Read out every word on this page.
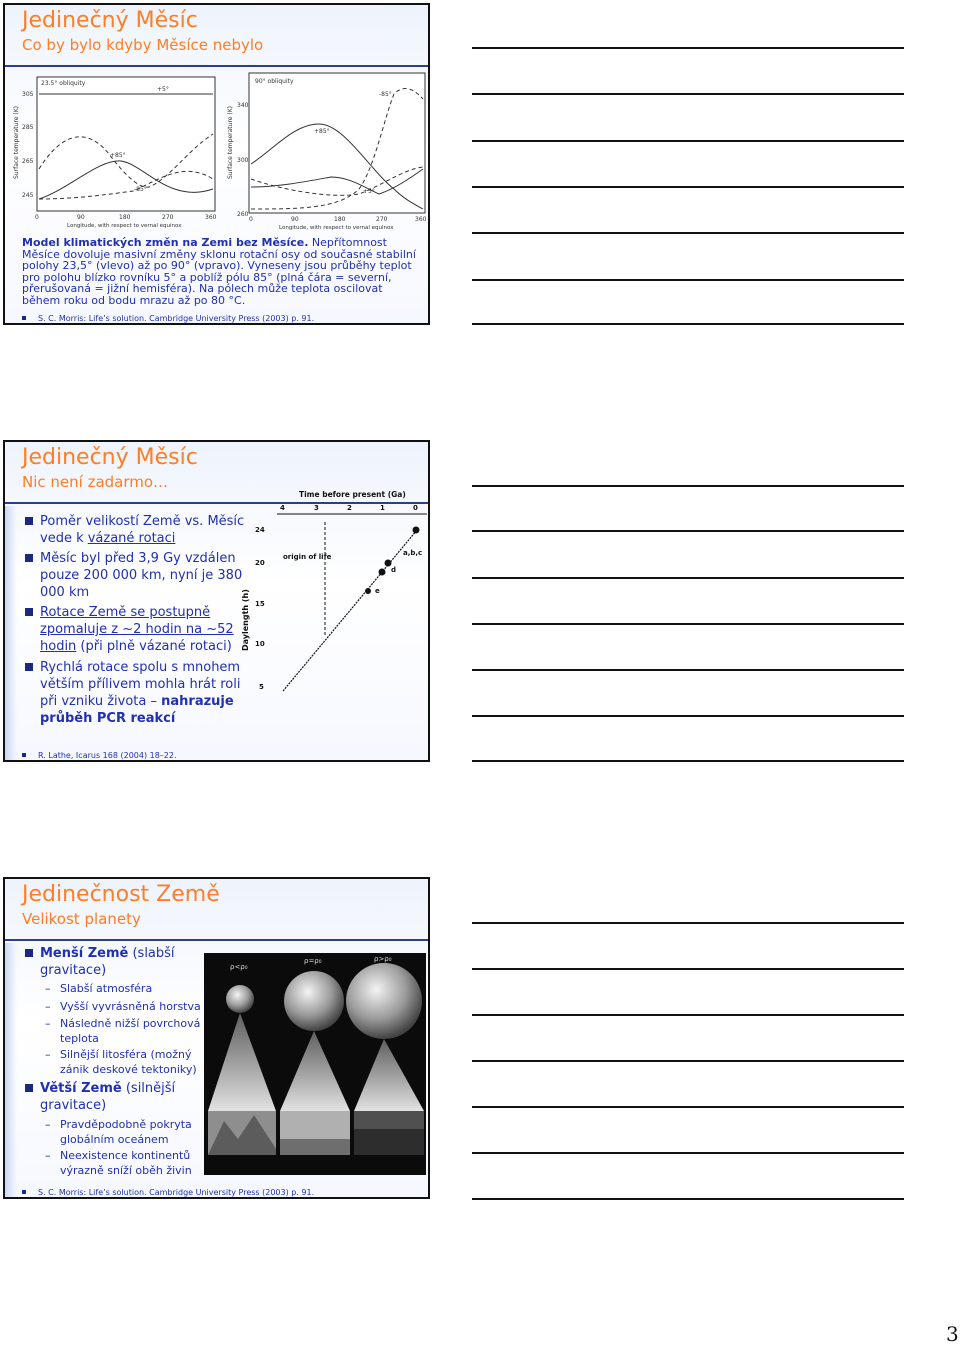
Jedinečný Měsíc
Co by bylo kdyby Měsíce nebylo
23.5° obliquity
Surface temperature (K)
305
285
265
245
0	90	180	270	360
Longitude, with respect to vernal equinox
+5°
+85°
-85°
90° obliquity
Surface temperature (K)
340
300
260
0	90	180	270	360
Longitude, with respect to vernal equinox
-85°
+85°
+5°
Model klimatických změn na Zemi bez Měsíce. Nepřítomnost Měsíce dovoluje masivní změny sklonu rotační osy od současné stabilní polohy 23,5° (vlevo) až po 90° (vpravo). Vyneseny jsou průběhy teplot pro polohu blízko rovníku 5° a poblíž pólu 85° (plná čára = severní, přerušovaná = jižní hemisféra). Na pólech může teplota oscilovat během roku od bodu mrazu až po 80 °C.
S. C. Morris: Life’s solution. Cambridge University Press (2003) p. 91.
Jedinečný Měsíc
Nic není zadarmo…
Poměr velikostí Země vs. Měsíc vede k vázané rotaci
Měsíc byl před 3,9 Gy vzdálen pouze 200 000 km, nyní je 380 000 km
Rotace Země se postupně zpomaluje z ~2 hodin na ~52 hodin (při plně vázané rotaci)
Rychlá rotace spolu s mnohem větším přílivem mohla hrát roli při vzniku života – nahrazuje průběh PCR reakcí
Time before present (Ga)
4	3	2	1	0
Daylength (h)
24
20
15
10
5
origin of life	a,b,c
d
e
R. Lathe, Icarus 168 (2004) 18–22.
Jedinečnost Země
Velikost planety
Menší Země (slabší gravitace)
– Slabší atmosféra
– Vyšší vyvrásněná horstva
– Následně nižší povrchová teplota
– Silnější litosféra (možný zánik deskové tektoniky)
Větší Země (silnější gravitace)
– Pravděpodobně pokryta globálním oceánem
– Neexistence kontinentů výrazně sníží oběh živin
ρ<ρ₀
ρ=ρ₀	ρ>ρ₀
S. C. Morris: Life’s solution. Cambridge University Press (2003) p. 91.
3
